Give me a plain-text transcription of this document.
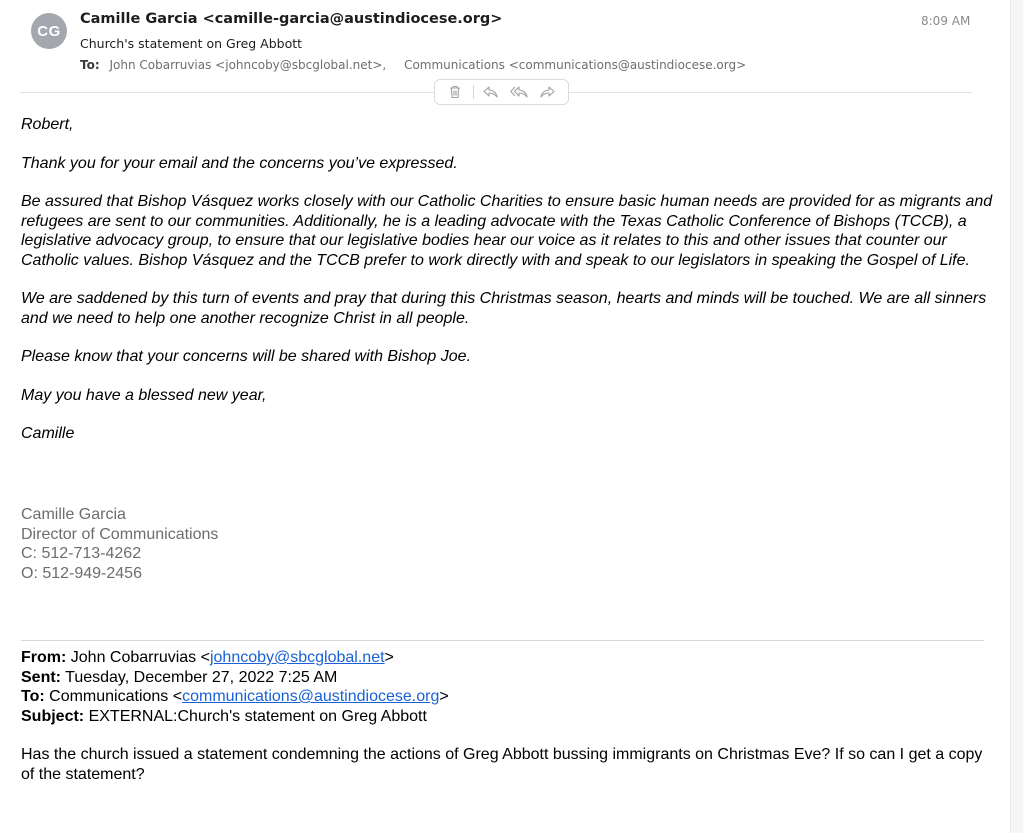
CG
Camille Garcia <camille-garcia@austindiocese.org>	8:09 AM
Church's statement on Greg Abbott
To: John Cobarruvias <johncoby@sbcglobal.net>, Communications <communications@austindiocese.org>

Robert,

Thank you for your email and the concerns you’ve expressed.

Be assured that Bishop Vásquez works closely with our Catholic Charities to ensure basic human needs are provided for as migrants and refugees are sent to our communities. Additionally, he is a leading advocate with the Texas Catholic Conference of Bishops (TCCB), a legislative advocacy group, to ensure that our legislative bodies hear our voice as it relates to this and other issues that counter our Catholic values. Bishop Vásquez and the TCCB prefer to work directly with and speak to our legislators in speaking the Gospel of Life.

We are saddened by this turn of events and pray that during this Christmas season, hearts and minds will be touched. We are all sinners and we need to help one another recognize Christ in all people.

Please know that your concerns will be shared with Bishop Joe.

May you have a blessed new year,

Camille

Camille Garcia
Director of Communications
C: 512-713-4262
O: 512-949-2456
From: John Cobarruvias <johncoby@sbcglobal.net>
Sent: Tuesday, December 27, 2022 7:25 AM
To: Communications <communications@austindiocese.org>
Subject: EXTERNAL:Church's statement on Greg Abbott
Has the church issued a statement condemning the actions of Greg Abbott bussing immigrants on Christmas Eve? If so can I get a copy of the statement?
